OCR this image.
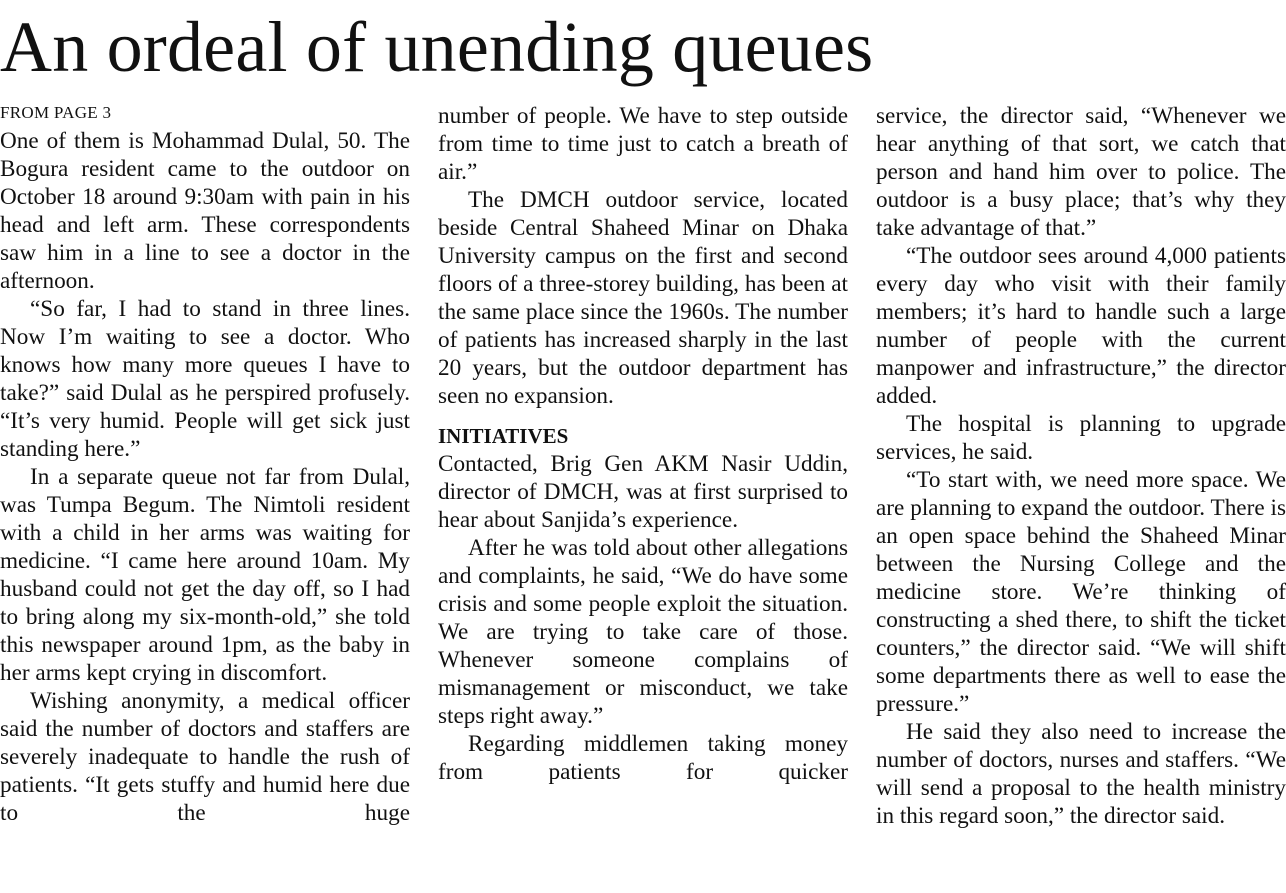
An ordeal of unending queues
FROM PAGE 3

One of them is Mohammad Dulal, 50. The Bogura resident came to the outdoor on October 18 around 9:30am with pain in his head and left arm. These correspondents saw him in a line to see a doctor in the afternoon.

“So far, I had to stand in three lines. Now I’m waiting to see a doctor. Who knows how many more queues I have to take?” said Dulal as he perspired profusely. “It’s very humid. People will get sick just standing here.”

In a separate queue not far from Dulal, was Tumpa Begum. The Nimtoli resident with a child in her arms was waiting for medicine. “I came here around 10am. My husband could not get the day off, so I had to bring along my six-month-old,” she told this newspaper around 1pm, as the baby in her arms kept crying in discomfort.

Wishing anonymity, a medical officer said the number of doctors and staffers are severely inadequate to handle the rush of patients. “It gets stuffy and humid here due to the huge

number of people. We have to step outside from time to time just to catch a breath of air.”

The DMCH outdoor service, located beside Central Shaheed Minar on Dhaka University campus on the first and second floors of a three-storey building, has been at the same place since the 1960s. The number of patients has increased sharply in the last 20 years, but the outdoor department has seen no expansion.

INITIATIVES

Contacted, Brig Gen AKM Nasir Uddin, director of DMCH, was at first surprised to hear about Sanjida’s experience.

After he was told about other allegations and complaints, he said, “We do have some crisis and some people exploit the situation. We are trying to take care of those. Whenever someone complains of mismanagement or misconduct, we take steps right away.”

Regarding middlemen taking money from patients for quicker

service, the director said, “Whenever we hear anything of that sort, we catch that person and hand him over to police. The outdoor is a busy place; that’s why they take advantage of that.”

“The outdoor sees around 4,000 patients every day who visit with their family members; it’s hard to handle such a large number of people with the current manpower and infrastructure,” the director added.

The hospital is planning to upgrade services, he said.

“To start with, we need more space. We are planning to expand the outdoor. There is an open space behind the Shaheed Minar between the Nursing College and the medicine store. We’re thinking of constructing a shed there, to shift the ticket counters,” the director said. “We will shift some departments there as well to ease the pressure.”

He said they also need to increase the number of doctors, nurses and staffers. “We will send a proposal to the health ministry in this regard soon,” the director said.
